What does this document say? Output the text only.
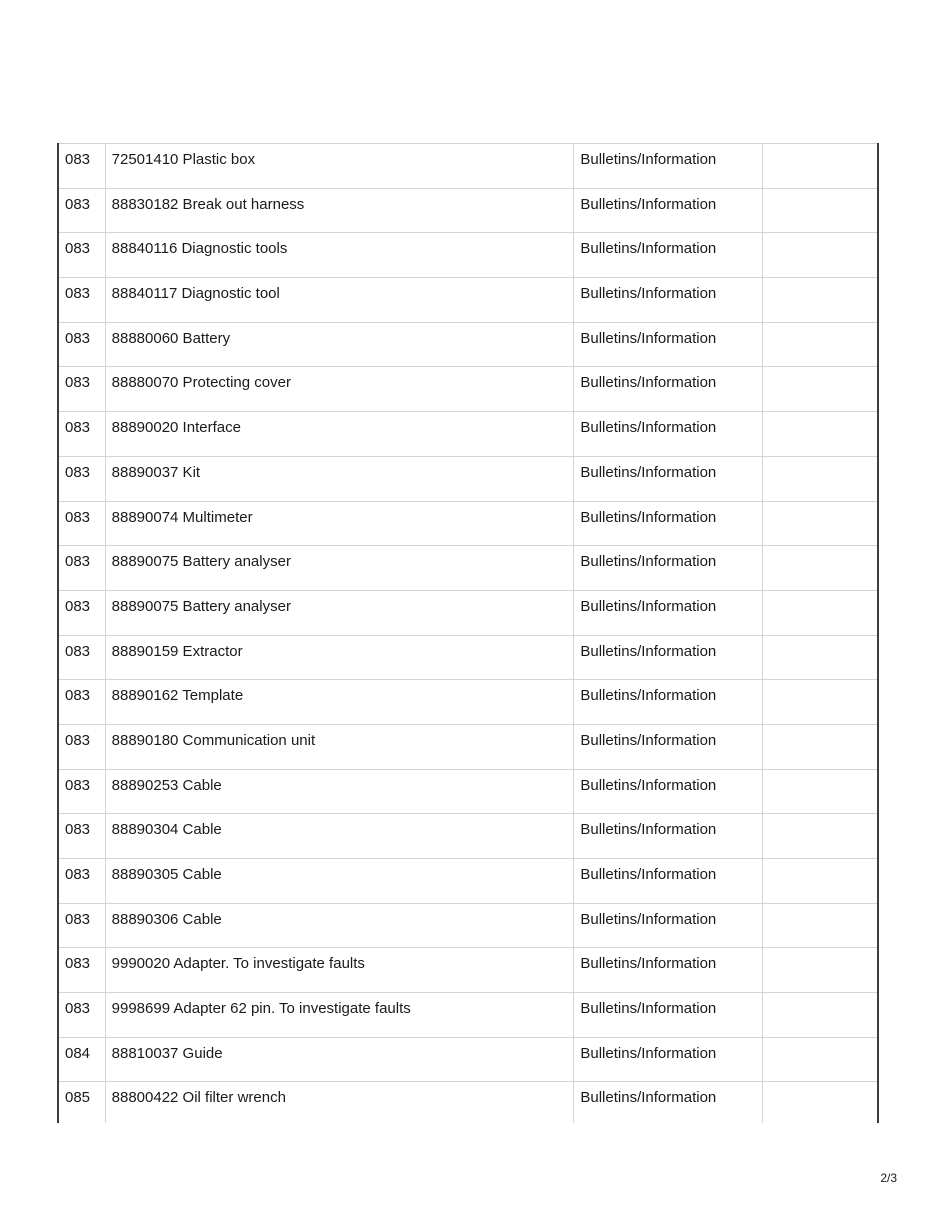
083	72501410 Plastic box	Bulletins/Information	
083	88830182 Break out harness	Bulletins/Information	
083	88840116 Diagnostic tools	Bulletins/Information	
083	88840117 Diagnostic tool	Bulletins/Information	
083	88880060 Battery	Bulletins/Information	
083	88880070 Protecting cover	Bulletins/Information	
083	88890020 Interface	Bulletins/Information	
083	88890037 Kit	Bulletins/Information	
083	88890074 Multimeter	Bulletins/Information	
083	88890075 Battery analyser	Bulletins/Information	
083	88890075 Battery analyser	Bulletins/Information	
083	88890159 Extractor	Bulletins/Information	
083	88890162 Template	Bulletins/Information	
083	88890180 Communication unit	Bulletins/Information	
083	88890253 Cable	Bulletins/Information	
083	88890304 Cable	Bulletins/Information	
083	88890305 Cable	Bulletins/Information	
083	88890306 Cable	Bulletins/Information	
083	9990020 Adapter. To investigate faults	Bulletins/Information	
083	9998699 Adapter 62 pin. To investigate faults	Bulletins/Information	
084	88810037 Guide	Bulletins/Information	
085	88800422 Oil filter wrench	Bulletins/Information	
2/3
